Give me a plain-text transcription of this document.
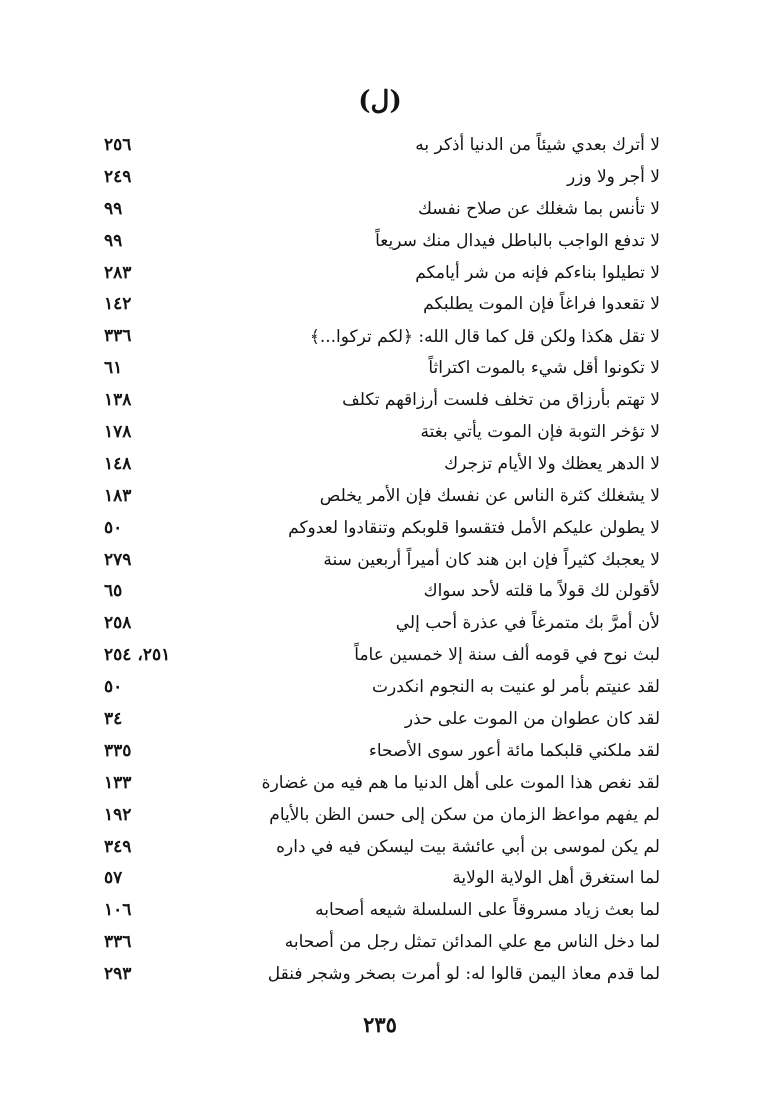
(ل)
لا أترك بعدي شيئاً من الدنيا أذكر به
٢٥٦
لا أجر ولا وزر
٢٤٩
لا تأنس بما شغلك عن صلاح نفسك
٩٩
لا تدفع الواجب بالباطل فيدال منك سريعاً
٩٩
لا تطيلوا بناءكم فإنه من شر أيامكم
٢٨٣
لا تقعدوا فراغاً فإن الموت يطلبكم
١٤٢
لا تقل هكذا ولكن قل كما قال الله: ﴿لكم تركوا...﴾
٣٣٦
لا تكونوا أقل شيء بالموت اكتراثاً
٦١
لا تهتم بأرزاق من تخلف فلست أرزاقهم تكلف
١٣٨
لا تؤخر التوبة فإن الموت يأتي بغتة
١٧٨
لا الدهر يعظك ولا الأيام تزجرك
١٤٨
لا يشغلك كثرة الناس عن نفسك فإن الأمر يخلص
١٨٣
لا يطولن عليكم الأمل فتقسوا قلوبكم وتنقادوا لعدوكم
٥٠
لا يعجبك كثيراً فإن ابن هند كان أميراً أربعين سنة
٢٧٩
لأقولن لك قولاً ما قلته لأحد سواك
٦٥
لأن أمرَّ بك متمرغاً في عذرة أحب إلي
٢٥٨
لبث نوح في قومه ألف سنة إلا خمسين عاماً
٢٥١، ٢٥٤
لقد عنيتم بأمر لو عنيت به النجوم انكدرت
٥٠
لقد كان عطوان من الموت على حذر
٣٤
لقد ملكني قلبكما مائة أعور سوى الأصحاء
٣٣٥
لقد نغص هذا الموت على أهل الدنيا ما هم فيه من غضارة
١٣٣
لم يفهم مواعظ الزمان من سكن إلى حسن الظن بالأيام
١٩٢
لم يكن لموسى بن أبي عائشة بيت ليسكن فيه في داره
٣٤٩
لما استغرق أهل الولاية الولاية
٥٧
لما بعث زياد مسروقاً على السلسلة شيعه أصحابه
١٠٦
لما دخل الناس مع علي المدائن تمثل رجل من أصحابه
٣٣٦
لما قدم معاذ اليمن قالوا له: لو أمرت بصخر وشجر فنقل
٢٩٣
٢٣٥
